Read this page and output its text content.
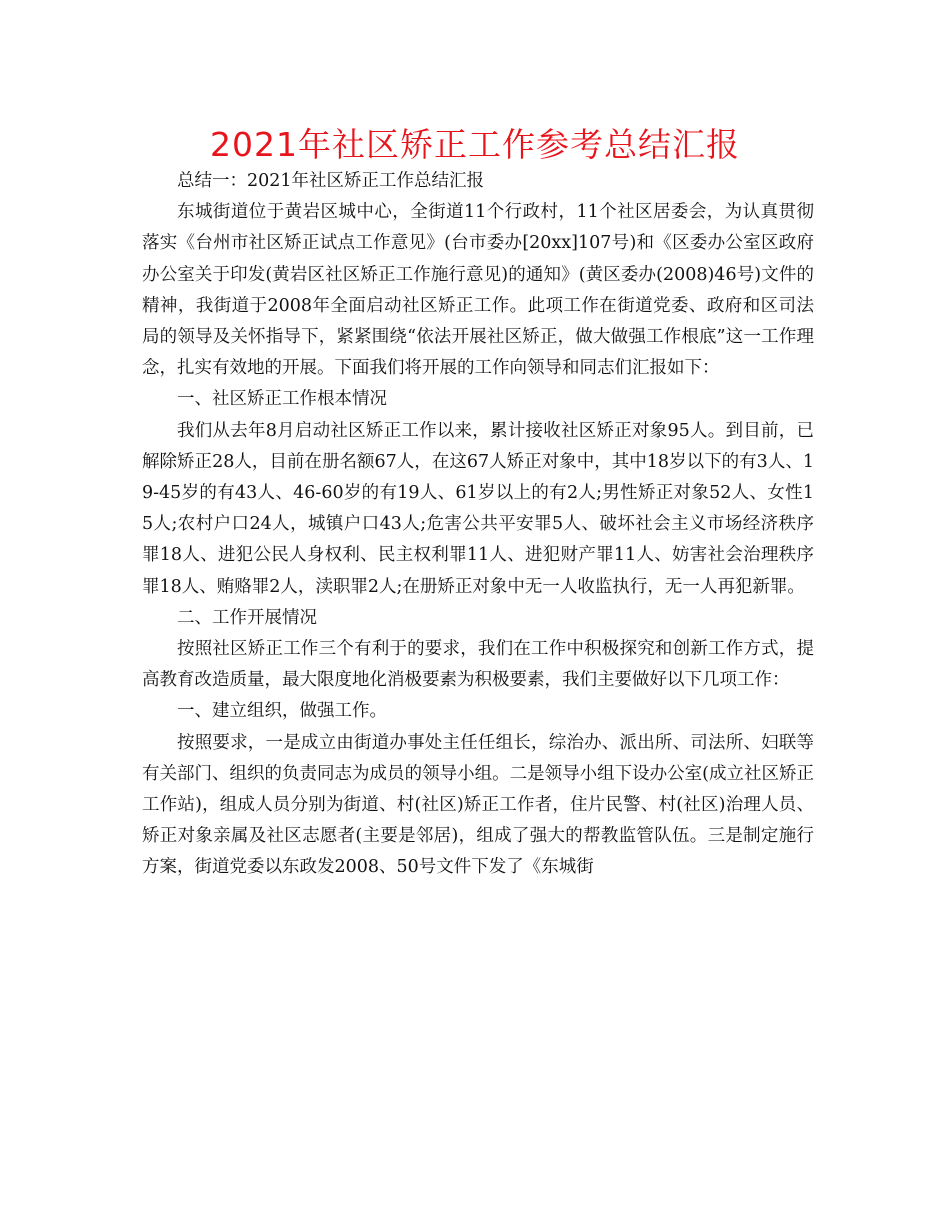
2021年社区矫正工作参考总结汇报

总结一：2021年社区矫正工作总结汇报

东城街道位于黄岩区城中心，全街道11个行政村，11个社区居委会，为认真贯彻落实《台州市社区矫正试点工作意见》(台市委办[20xx]107号)和《区委办公室区政府办公室关于印发(黄岩区社区矫正工作施行意见)的通知》(黄区委办(2008)46号)文件的精神，我街道于2008年全面启动社区矫正工作。此项工作在街道党委、政府和区司法局的领导及关怀指导下，紧紧围绕“依法开展社区矫正，做大做强工作根底”这一工作理念，扎实有效地的开展。下面我们将开展的工作向领导和同志们汇报如下：

一、社区矫正工作根本情况

我们从去年8月启动社区矫正工作以来，累计接收社区矫正对象95人。到目前，已解除矫正28人，目前在册名额67人，在这67人矫正对象中，其中18岁以下的有3人、19-45岁的有43人、46-60岁的有19人、61岁以上的有2人;男性矫正对象52人、女性15人;农村户口24人，城镇户口43人;危害公共平安罪5人、破坏社会主义市场经济秩序罪18人、进犯公民人身权利、民主权利罪11人、进犯财产罪11人、妨害社会治理秩序罪18人、贿赂罪2人，渎职罪2人;在册矫正对象中无一人收监执行，无一人再犯新罪。

二、工作开展情况

按照社区矫正工作三个有利于的要求，我们在工作中积极探究和创新工作方式，提高教育改造质量，最大限度地化消极要素为积极要素，我们主要做好以下几项工作：

一、建立组织，做强工作。

按照要求，一是成立由街道办事处主任任组长，综治办、派出所、司法所、妇联等有关部门、组织的负责同志为成员的领导小组。二是领导小组下设办公室(成立社区矫正工作站)，组成人员分别为街道、村(社区)矫正工作者，住片民警、村(社区)治理人员、矫正对象亲属及社区志愿者(主要是邻居)，组成了强大的帮教监管队伍。三是制定施行方案，街道党委以东政发2008、50号文件下发了《东城街
